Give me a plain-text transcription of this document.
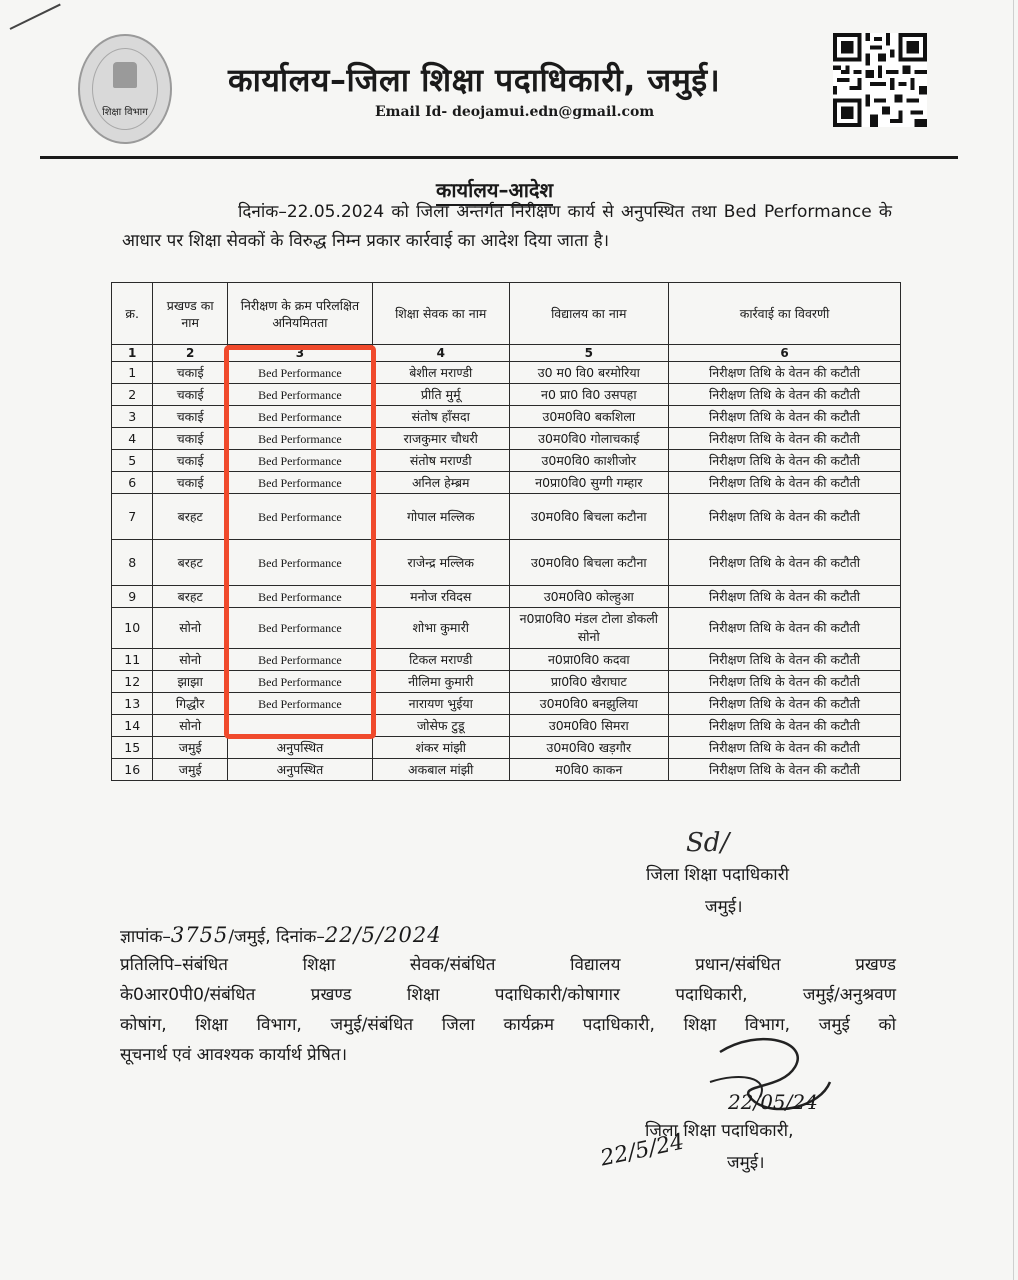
शिक्षा विभाग
कार्यालय–जिला शिक्षा पदाधिकारी, जमुई।
Email Id- deojamui.edn@gmail.com
कार्यालय–आदेश
दिनांक–22.05.2024 को जिला अन्तर्गत निरीक्षण कार्य से अनुपस्थित तथा Bed Performance के आधार पर शिक्षा सेवकों के विरुद्ध निम्न प्रकार कार्रवाई का आदेश दिया जाता है।
क्र.	प्रखण्ड का नाम	निरीक्षण के क्रम परिलक्षित अनियमितता	शिक्षा सेवक का नाम	विद्यालय का नाम	कार्रवाई का विवरणी
1	2	3	4	5	6
1	चकाई	Bed Performance	बेशील मराण्डी	उ0 म0 वि0 बरमोरिया	निरीक्षण तिथि के वेतन की कटौती
2	चकाई	Bed Performance	प्रीति मुर्मू	न0 प्रा0 वि0 उसपहा	निरीक्षण तिथि के वेतन की कटौती
3	चकाई	Bed Performance	संतोष हाँसदा	उ0म0वि0 बकशिला	निरीक्षण तिथि के वेतन की कटौती
4	चकाई	Bed Performance	राजकुमार चौधरी	उ0म0वि0 गोलाचकाई	निरीक्षण तिथि के वेतन की कटौती
5	चकाई	Bed Performance	संतोष मराण्डी	उ0म0वि0 काशीजोर	निरीक्षण तिथि के वेतन की कटौती
6	चकाई	Bed Performance	अनिल हेम्ब्रम	न0प्रा0वि0 सुग्गी गम्हार	निरीक्षण तिथि के वेतन की कटौती
7	बरहट	Bed Performance	गोपाल मल्लिक	उ0म0वि0 बिचला कटौना	निरीक्षण तिथि के वेतन की कटौती
8	बरहट	Bed Performance	राजेन्द्र मल्लिक	उ0म0वि0 बिचला कटौना	निरीक्षण तिथि के वेतन की कटौती
9	बरहट	Bed Performance	मनोज रविदस	उ0म0वि0 कोल्हुआ	निरीक्षण तिथि के वेतन की कटौती
10	सोनो	Bed Performance	शोभा कुमारी	न0प्रा0वि0 मंडल टोला डोकली सोनो	निरीक्षण तिथि के वेतन की कटौती
11	सोनो	Bed Performance	टिकल मराण्डी	न0प्रा0वि0 कदवा	निरीक्षण तिथि के वेतन की कटौती
12	झाझा	Bed Performance	नीलिमा कुमारी	प्रा0वि0 खैराघाट	निरीक्षण तिथि के वेतन की कटौती
13	गिद्धौर	Bed Performance	नारायण भुईया	उ0म0वि0 बनझुलिया	निरीक्षण तिथि के वेतन की कटौती
14	सोनो		जोसेफ टुडू	उ0म0वि0 सिमरा	निरीक्षण तिथि के वेतन की कटौती
15	जमुई	अनुपस्थित	शंकर मांझी	उ0म0वि0 खड़गौर	निरीक्षण तिथि के वेतन की कटौती
16	जमुई	अनुपस्थित	अकबाल मांझी	म0वि0 काकन	निरीक्षण तिथि के वेतन की कटौती
Sd/
जिला शिक्षा पदाधिकारी
जमुई।
ज्ञापांक–3755/जमुई, दिनांक–22/5/2024
प्रतिलिपि–संबंधित शिक्षा सेवक/संबंधित विद्यालय प्रधान/संबंधित प्रखण्ड
के0आर0पी0/संबंधित प्रखण्ड शिक्षा पदाधिकारी/कोषागार पदाधिकारी, जमुई/अनुश्रवण
कोषांग, शिक्षा विभाग, जमुई/संबंधित जिला कार्यक्रम पदाधिकारी, शिक्षा विभाग, जमुई को
सूचनार्थ एवं आवश्यक कार्यार्थ प्रेषित।
22/05/24
जिला शिक्षा पदाधिकारी,
जमुई।
22/5/24
